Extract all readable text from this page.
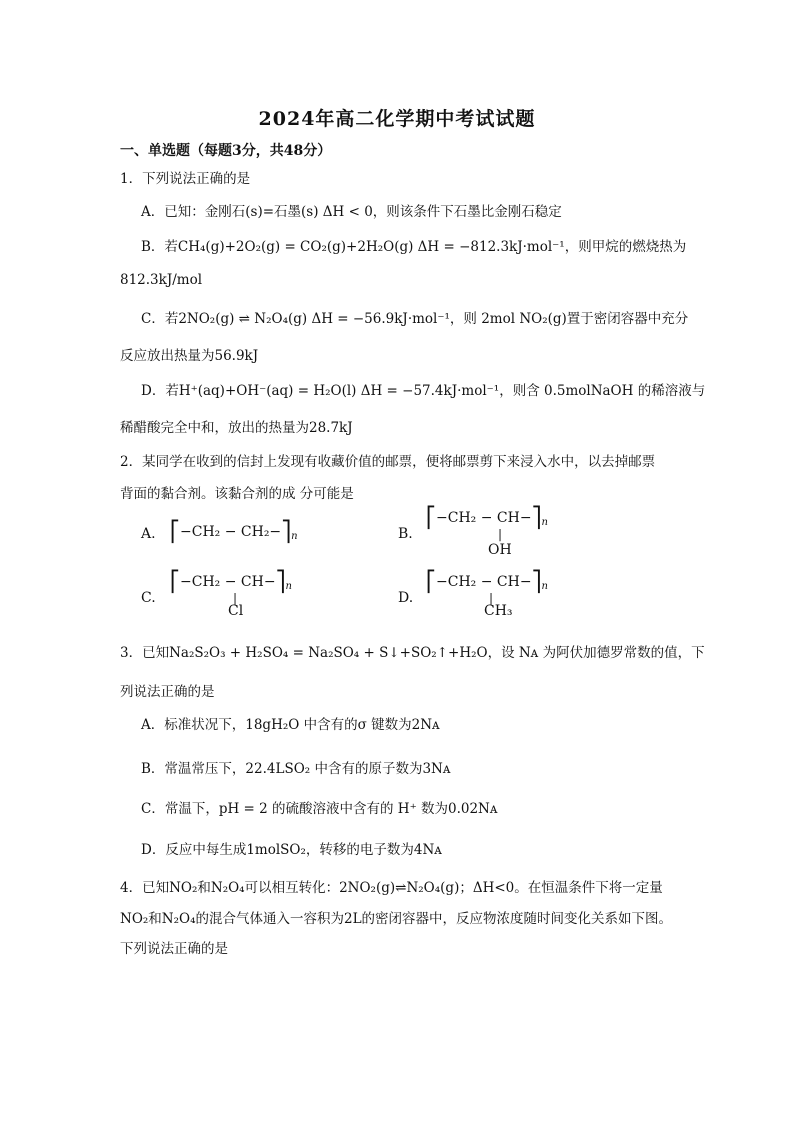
2024年高二化学期中考试试题
一、单选题（每题3分，共48分）
1．下列说法正确的是
A．已知：金刚石(s)=石墨(s) ΔH < 0，则该条件下石墨比金刚石稳定
B．若CH₄(g)+2O₂(g) = CO₂(g)+2H₂O(g) ΔH = −812.3kJ·mol⁻¹，则甲烷的燃烧热为
812.3kJ/mol
C．若2NO₂(g) ⇌ N₂O₄(g) ΔH = −56.9kJ·mol⁻¹，则 2mol NO₂(g)置于密闭容器中充分
反应放出热量为56.9kJ
D．若H⁺(aq)+OH⁻(aq) = H₂O(l) ΔH = −57.4kJ·mol⁻¹，则含 0.5molNaOH 的稀溶液与
稀醋酸完全中和，放出的热量为28.7kJ
2．某同学在收到的信封上发现有收藏价值的邮票，便将邮票剪下来浸入水中，以去掉邮票
背面的黏合剂。该黏合剂的成 分可能是
A. ⎡−CH₂ − $CH_2-⎤_n$	B.
⎡−CH₂ − $CH-⎤_n$
|
OH
C.
⎡−CH₂ − $CH-⎤_n$
|
Cl
D.
⎡−CH₂ − $CH-⎤_n$
|
CH₃
3．已知Na₂S₂O₃ + H₂SO₄ = Na₂SO₄ + S↓+SO₂↑+H₂O，设 Nᴀ 为阿伏加德罗常数的值，下
列说法正确的是
A．标准状况下，18gH₂O 中含有的σ 键数为2Nᴀ
B．常温常压下，22.4LSO₂ 中含有的原子数为3Nᴀ
C．常温下，pH = 2 的硫酸溶液中含有的 H⁺ 数为0.02Nᴀ
D．反应中每生成1molSO₂，转移的电子数为4Nᴀ
4．已知NO₂和N₂O₄可以相互转化：2NO₂(g)⇌N₂O₄(g)；ΔH<0。在恒温条件下将一定量
NO₂和N₂O₄的混合气体通入一容积为2L的密闭容器中，反应物浓度随时间变化关系如下图。
下列说法正确的是
